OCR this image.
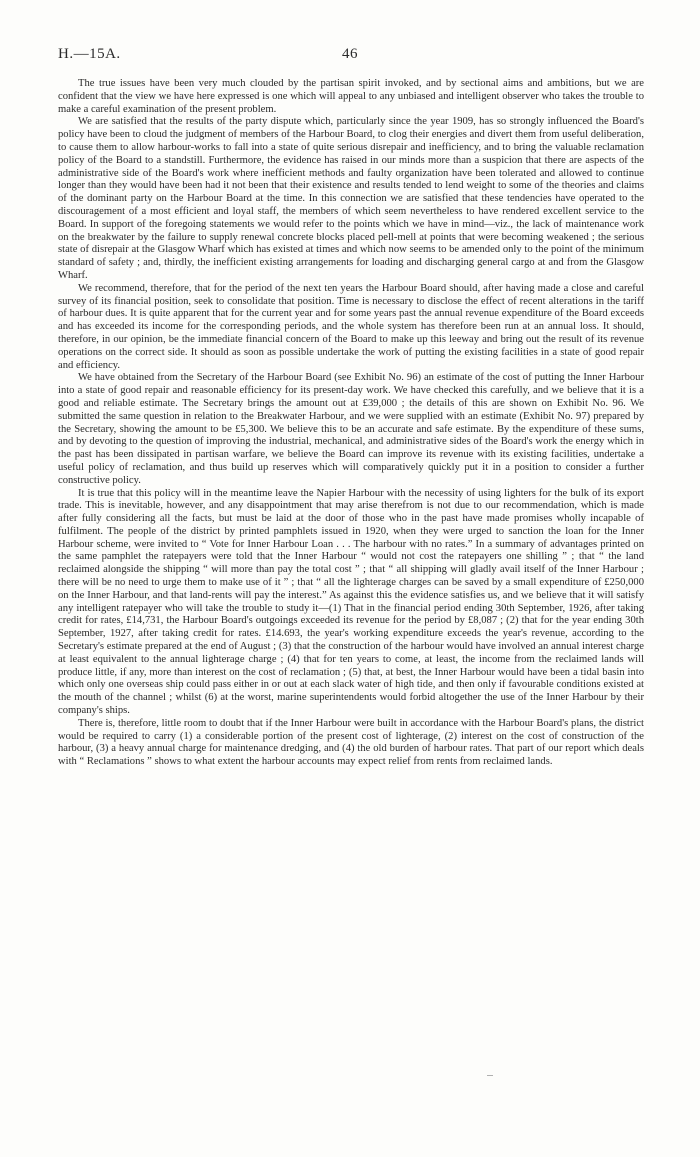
H.—15A.	46

The true issues have been very much clouded by the partisan spirit invoked, and by sectional aims and ambitions, but we are confident that the view we have here expressed is one which will appeal to any unbiased and intelligent observer who takes the trouble to make a careful examination of the present problem.

We are satisfied that the results of the party dispute which, particularly since the year 1909, has so strongly influenced the Board's policy have been to cloud the judgment of members of the Harbour Board, to clog their energies and divert them from useful deliberation, to cause them to allow harbour-works to fall into a state of quite serious disrepair and inefficiency, and to bring the valuable reclamation policy of the Board to a standstill. Furthermore, the evidence has raised in our minds more than a suspicion that there are aspects of the administrative side of the Board's work where inefficient methods and faulty organization have been tolerated and allowed to continue longer than they would have been had it not been that their existence and results tended to lend weight to some of the theories and claims of the dominant party on the Harbour Board at the time. In this connection we are satisfied that these tendencies have operated to the discouragement of a most efficient and loyal staff, the members of which seem nevertheless to have rendered excellent service to the Board. In support of the foregoing statements we would refer to the points which we have in mind—viz., the lack of maintenance work on the breakwater by the failure to supply renewal concrete blocks placed pell-mell at points that were becoming weakened ; the serious state of disrepair at the Glasgow Wharf which has existed at times and which now seems to be amended only to the point of the minimum standard of safety ; and, thirdly, the inefficient existing arrangements for loading and discharging general cargo at and from the Glasgow Wharf.

We recommend, therefore, that for the period of the next ten years the Harbour Board should, after having made a close and careful survey of its financial position, seek to consolidate that position. Time is necessary to disclose the effect of recent alterations in the tariff of harbour dues. It is quite apparent that for the current year and for some years past the annual revenue expenditure of the Board exceeds and has exceeded its income for the corresponding periods, and the whole system has therefore been run at an annual loss. It should, therefore, in our opinion, be the immediate financial concern of the Board to make up this leeway and bring out the result of its revenue operations on the correct side. It should as soon as possible undertake the work of putting the existing facilities in a state of good repair and efficiency.

We have obtained from the Secretary of the Harbour Board (see Exhibit No. 96) an estimate of the cost of putting the Inner Harbour into a state of good repair and reasonable efficiency for its present-day work. We have checked this carefully, and we believe that it is a good and reliable estimate. The Secretary brings the amount out at £39,000 ; the details of this are shown on Exhibit No. 96. We submitted the same question in relation to the Breakwater Harbour, and we were supplied with an estimate (Exhibit No. 97) prepared by the Secretary, showing the amount to be £5,300. We believe this to be an accurate and safe estimate. By the expenditure of these sums, and by devoting to the question of improving the industrial, mechanical, and administrative sides of the Board's work the energy which in the past has been dissipated in partisan warfare, we believe the Board can improve its revenue with its existing facilities, undertake a useful policy of reclamation, and thus build up reserves which will comparatively quickly put it in a position to consider a further constructive policy.

It is true that this policy will in the meantime leave the Napier Harbour with the necessity of using lighters for the bulk of its export trade. This is inevitable, however, and any disappointment that may arise therefrom is not due to our recommendation, which is made after fully considering all the facts, but must be laid at the door of those who in the past have made promises wholly incapable of fulfilment. The people of the district by printed pamphlets issued in 1920, when they were urged to sanction the loan for the Inner Harbour scheme, were invited to “ Vote for Inner Harbour Loan . . . The harbour with no rates.” In a summary of advantages printed on the same pamphlet the ratepayers were told that the Inner Harbour “ would not cost the ratepayers one shilling ” ; that “ the land reclaimed alongside the shipping “ will more than pay the total cost ” ; that “ all shipping will gladly avail itself of the Inner Harbour ; there will be no need to urge them to make use of it ” ; that “ all the lighterage charges can be saved by a small expenditure of £250,000 on the Inner Harbour, and that land-rents will pay the interest.” As against this the evidence satisfies us, and we believe that it will satisfy any intelligent ratepayer who will take the trouble to study it—(1) That in the financial period ending 30th September, 1926, after taking credit for rates, £14,731, the Harbour Board's outgoings exceeded its revenue for the period by £8,087 ; (2) that for the year ending 30th September, 1927, after taking credit for rates. £14.693, the year's working expenditure exceeds the year's revenue, according to the Secretary's estimate prepared at the end of August ; (3) that the construction of the harbour would have involved an annual interest charge at least equivalent to the annual lighterage charge ; (4) that for ten years to come, at least, the income from the reclaimed lands will produce little, if any, more than interest on the cost of reclamation ; (5) that, at best, the Inner Harbour would have been a tidal basin into which only one overseas ship could pass either in or out at each slack water of high tide, and then only if favourable conditions existed at the mouth of the channel ; whilst (6) at the worst, marine superintendents would forbid altogether the use of the Inner Harbour by their company's ships.

There is, therefore, little room to doubt that if the Inner Harbour were built in accordance with the Harbour Board's plans, the district would be required to carry (1) a considerable portion of the present cost of lighterage, (2) interest on the cost of construction of the harbour, (3) a heavy annual charge for maintenance dredging, and (4) the old burden of harbour rates. That part of our report which deals with “ Reclamations ” shows to what extent the harbour accounts may expect relief from rents from reclaimed lands.
